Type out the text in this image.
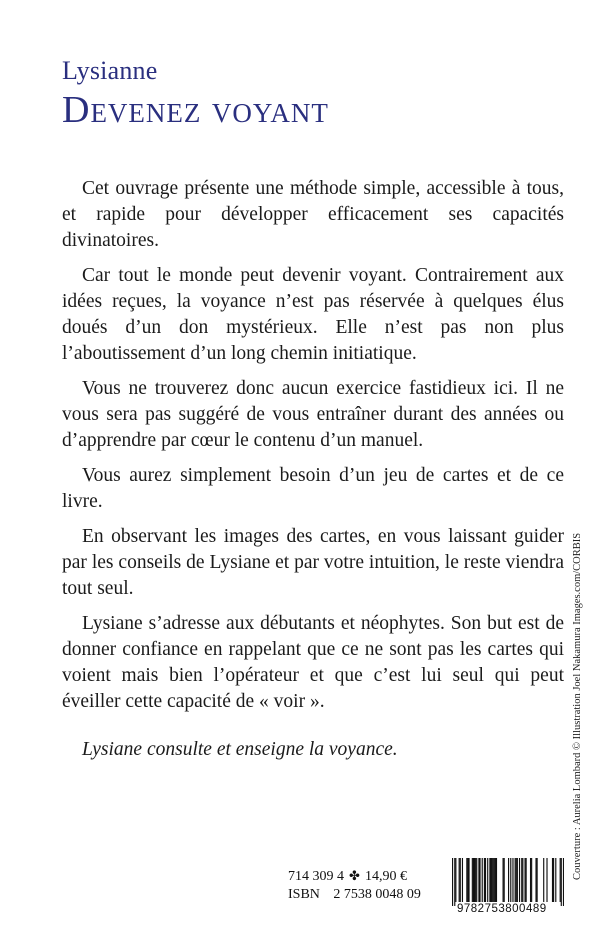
Lysianne
Devenez voyant

Cet ouvrage présente une méthode simple, accessible à tous, et rapide pour développer efficacement ses capacités divinatoires.

Car tout le monde peut devenir voyant. Contrairement aux idées reçues, la voyance n’est pas réservée à quelques élus doués d’un don mystérieux. Elle n’est pas non plus l’aboutissement d’un long chemin initiatique.

Vous ne trouverez donc aucun exercice fastidieux ici. Il ne vous sera pas suggéré de vous entraîner durant des années ou d’apprendre par cœur le contenu d’un manuel.

Vous aurez simplement besoin d’un jeu de cartes et de ce livre.

En observant les images des cartes, en vous laissant guider par les conseils de Lysiane et par votre intuition, le reste viendra tout seul.

Lysiane s’adresse aux débutants et néophytes. Son but est de donner confiance en rappelant que ce ne sont pas les cartes qui voient mais bien l’opérateur et que c’est lui seul qui peut éveiller cette capacité de « voir ».

Lysiane consulte et enseigne la voyance.	Couverture : Aurelia Lombard © Illustration Joel Nakamura Images.com/CORBIS
714 309 4 ✤ 14,90 €
ISBN 2 7538 0048 09
9782753800489
